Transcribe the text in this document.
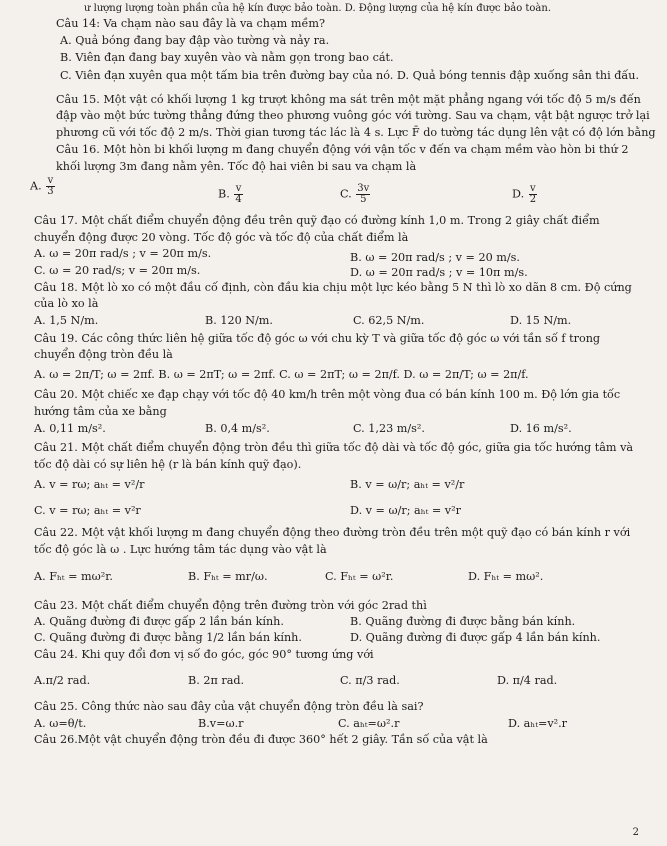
ư lượng lượng toàn phần của hệ kín được bảo toàn. D. Động lượng của hệ kín được bảo toàn.
Câu 14: Va chạm nào sau đây là va chạm mềm?
A. Quả bóng đang bay đập vào tường và nảy ra.
B. Viên đạn đang bay xuyên vào và nằm gọn trong bao cát.
C. Viên đạn xuyên qua một tấm bia trên đường bay của nó. D. Quả bóng tennis đập xuống sân thi đấu.
Câu 15. Một vật có khối lượng 1 kg trượt không ma sát trên một mặt phẳng ngang với tốc độ 5 m/s đến
đập vào một bức tường thẳng đứng theo phương vuông góc với tường. Sau va chạm, vật bật ngược trở lại
phương cũ với tốc độ 2 m/s. Thời gian tương tác lác là 4 s. Lực F̄ do tường tác dụng lên vật có độ lớn bằng
Câu 16. Một hòn bi khối lượng m đang chuyển động với vận tốc v đến va chạm mềm vào hòn bi thứ 2
khối lượng 3m đang nằm yên. Tốc độ hai viên bi sau va chạm là
A. $\frac{v}{3}$	B. $\frac{v}{4}$	C. $\frac{3v}{5}$	D. $\frac{v}{2}$
Câu 17. Một chất điểm chuyển động đều trên quỹ đạo có đường kính 1,0 m. Trong 2 giây chất điểm
chuyển động được 20 vòng. Tốc độ góc và tốc độ của chất điểm là
A. ω = 20π rad/s ; v = 20π m/s.	B. ω = 20π rad/s ; v = 20 m/s.
C. ω = 20 rad/s; v = 20π m/s.	D. ω = 20π rad/s ; v = 10π m/s.
Câu 18. Một lò xo có một đầu cố định, còn đầu kia chịu một lực kéo bằng 5 N thì lò xo dãn 8 cm. Độ cứng
của lò xo là
A. 1,5 N/m.	B. 120 N/m.	C. 62,5 N/m.	D. 15 N/m.
Câu 19. Các công thức liên hệ giữa tốc độ góc ω với chu kỳ T và giữa tốc độ góc ω với tần số f trong
chuyển động tròn đều là
A. ω = 2π/T; ω = 2πf. B. ω = 2πT; ω = 2πf. C. ω = 2πT; ω = 2π/f. D. ω = 2π/T; ω = 2π/f.
Câu 20. Một chiếc xe đạp chạy với tốc độ 40 km/h trên một vòng đua có bán kính 100 m. Độ lớn gia tốc
hướng tâm của xe bằng
A. 0,11 m/s².	B. 0,4 m/s².	C. 1,23 m/s².	D. 16 m/s².
Câu 21. Một chất điểm chuyển động tròn đều thì giữa tốc độ dài và tốc độ góc, giữa gia tốc hướng tâm và
tốc độ dài có sự liên hệ (r là bán kính quỹ đạo).
A. v = rω; aₕₜ = v²/r	B. v = ω/r; aₕₜ = v²/r
C. v = rω; aₕₜ = v²r	D. v = ω/r; aₕₜ = v²r
Câu 22. Một vật khối lượng m đang chuyển động theo đường tròn đều trên một quỹ đạo có bán kính r với
tốc độ góc là ω . Lực hướng tâm tác dụng vào vật là
A. Fₕₜ = mω²r.	B. Fₕₜ = mr/ω.	C. Fₕₜ = ω²r.	D. Fₕₜ = mω².
Câu 23. Một chất điểm chuyển động trên đường tròn với góc 2rad thì
A. Quãng đường đi được gấp 2 lần bán kính.	B. Quãng đường đi được bằng bán kính.
C. Quãng đường đi được bằng 1/2 lần bán kính.	D. Quãng đường đi được gấp 4 lần bán kính.
Câu 24. Khi quy đổi đơn vị số đo góc, góc 90° tương ứng với
A.π/2 rad.	B. 2π rad.	C. π/3 rad.	D. π/4 rad.
Câu 25. Công thức nào sau đây của vật chuyển động tròn đều là sai?
A. ω=θ/t.	B.v=ω.r	C. aₕₜ=ω².r	D. aₕₜ=v².r
Câu 26.Một vật chuyển động tròn đều đi được 360° hết 2 giây. Tần số của vật là
2
